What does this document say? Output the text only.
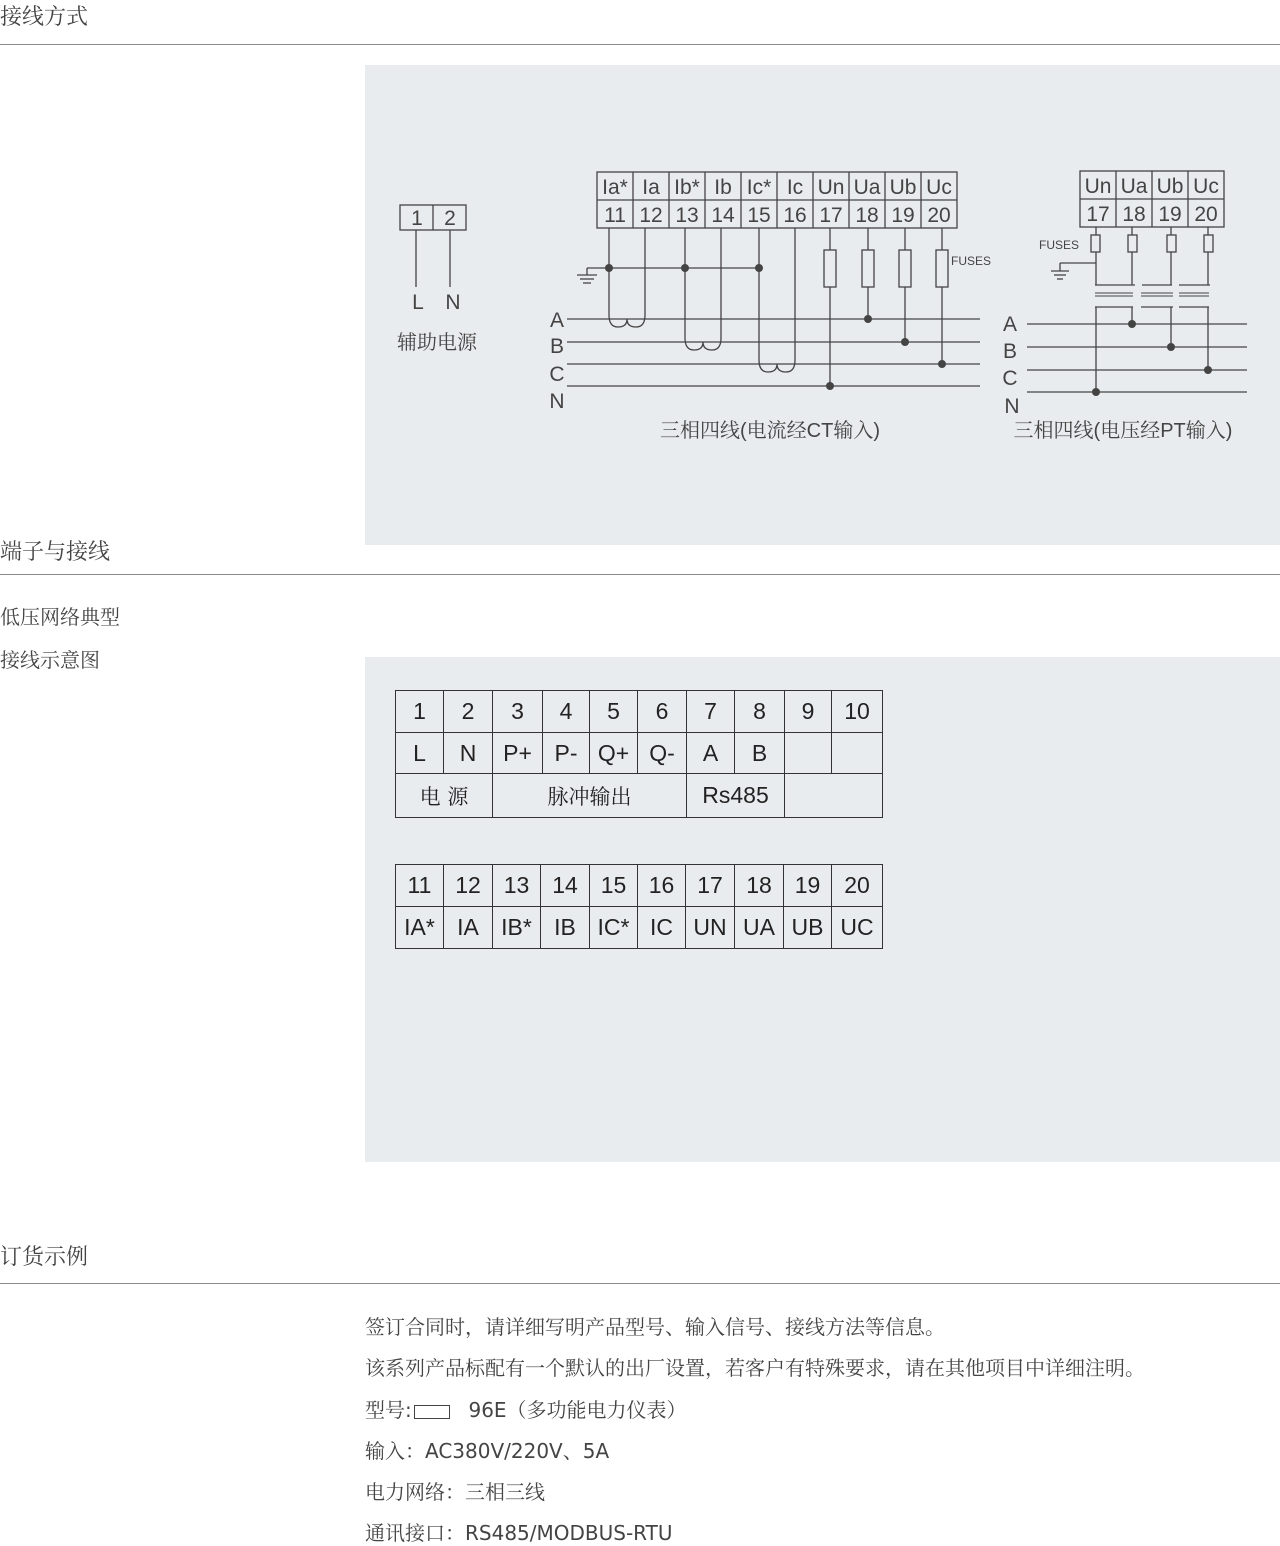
接线方式
1 2
L N
辅助电源
Ia* Ia Ib* Ib Ic* Ic Un Ua Ub Uc
11 12 13 14 15 16 17 18 19 20
A
B
C
N
FUSES
三相四线(电流经CT输入)
Un Ua Ub Uc
17 18 19 20
FUSES
A
B
C
N
三相四线(电压经PT输入)
端子与接线
低压网络典型
接线示意图
1	2	3	4	5	6	7	8	9	10
L	N	P+	P-	Q+	Q-	A	B		
电 源		脉冲输出				Rs485			
11	12	13	14	15	16	17	18	19	20
IA*	IA	IB*	IB	IC*	IC	UN	UA	UB	UC
订货示例
签订合同时，请详细写明产品型号、输入信号、接线方法等信息。
该系列产品标配有一个默认的出厂设置，若客户有特殊要求，请在其他项目中详细注明。
型号:	96E（多功能电力仪表）
输入：AC380V/220V、5A
电力网络：三相三线
通讯接口：RS485/MODBUS-RTU
